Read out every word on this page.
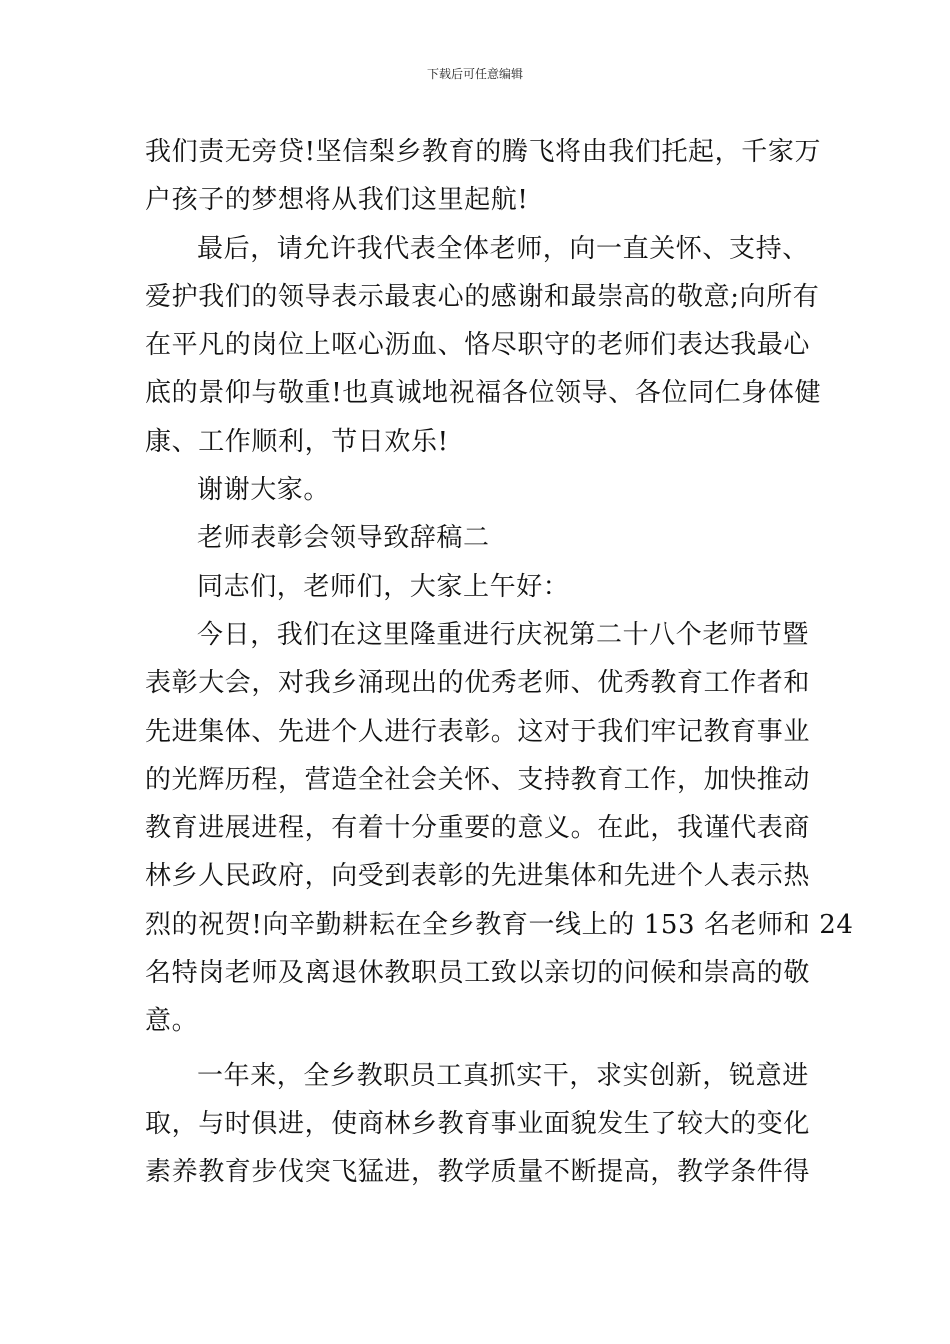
下载后可任意编辑
我们责无旁贷!坚信梨乡教育的腾飞将由我们托起，千家万
户孩子的梦想将从我们这里起航!
最后，请允许我代表全体老师，向一直关怀、支持、
爱护我们的领导表示最衷心的感谢和最崇高的敬意;向所有
在平凡的岗位上呕心沥血、恪尽职守的老师们表达我最心
底的景仰与敬重!也真诚地祝福各位领导、各位同仁身体健
康、工作顺利，节日欢乐!
谢谢大家。
老师表彰会领导致辞稿二
同志们，老师们，大家上午好：
今日，我们在这里隆重进行庆祝第二十八个老师节暨
表彰大会，对我乡涌现出的优秀老师、优秀教育工作者和
先进集体、先进个人进行表彰。这对于我们牢记教育事业
的光辉历程，营造全社会关怀、支持教育工作，加快推动
教育进展进程，有着十分重要的意义。在此，我谨代表商
林乡人民政府，向受到表彰的先进集体和先进个人表示热
烈的祝贺!向辛勤耕耘在全乡教育一线上的 153 名老师和 24
名特岗老师及离退休教职员工致以亲切的问候和崇高的敬
意。
一年来，全乡教职员工真抓实干，求实创新，锐意进
取，与时俱进，使商林乡教育事业面貌发生了较大的变化
素养教育步伐突飞猛进，教学质量不断提高，教学条件得
